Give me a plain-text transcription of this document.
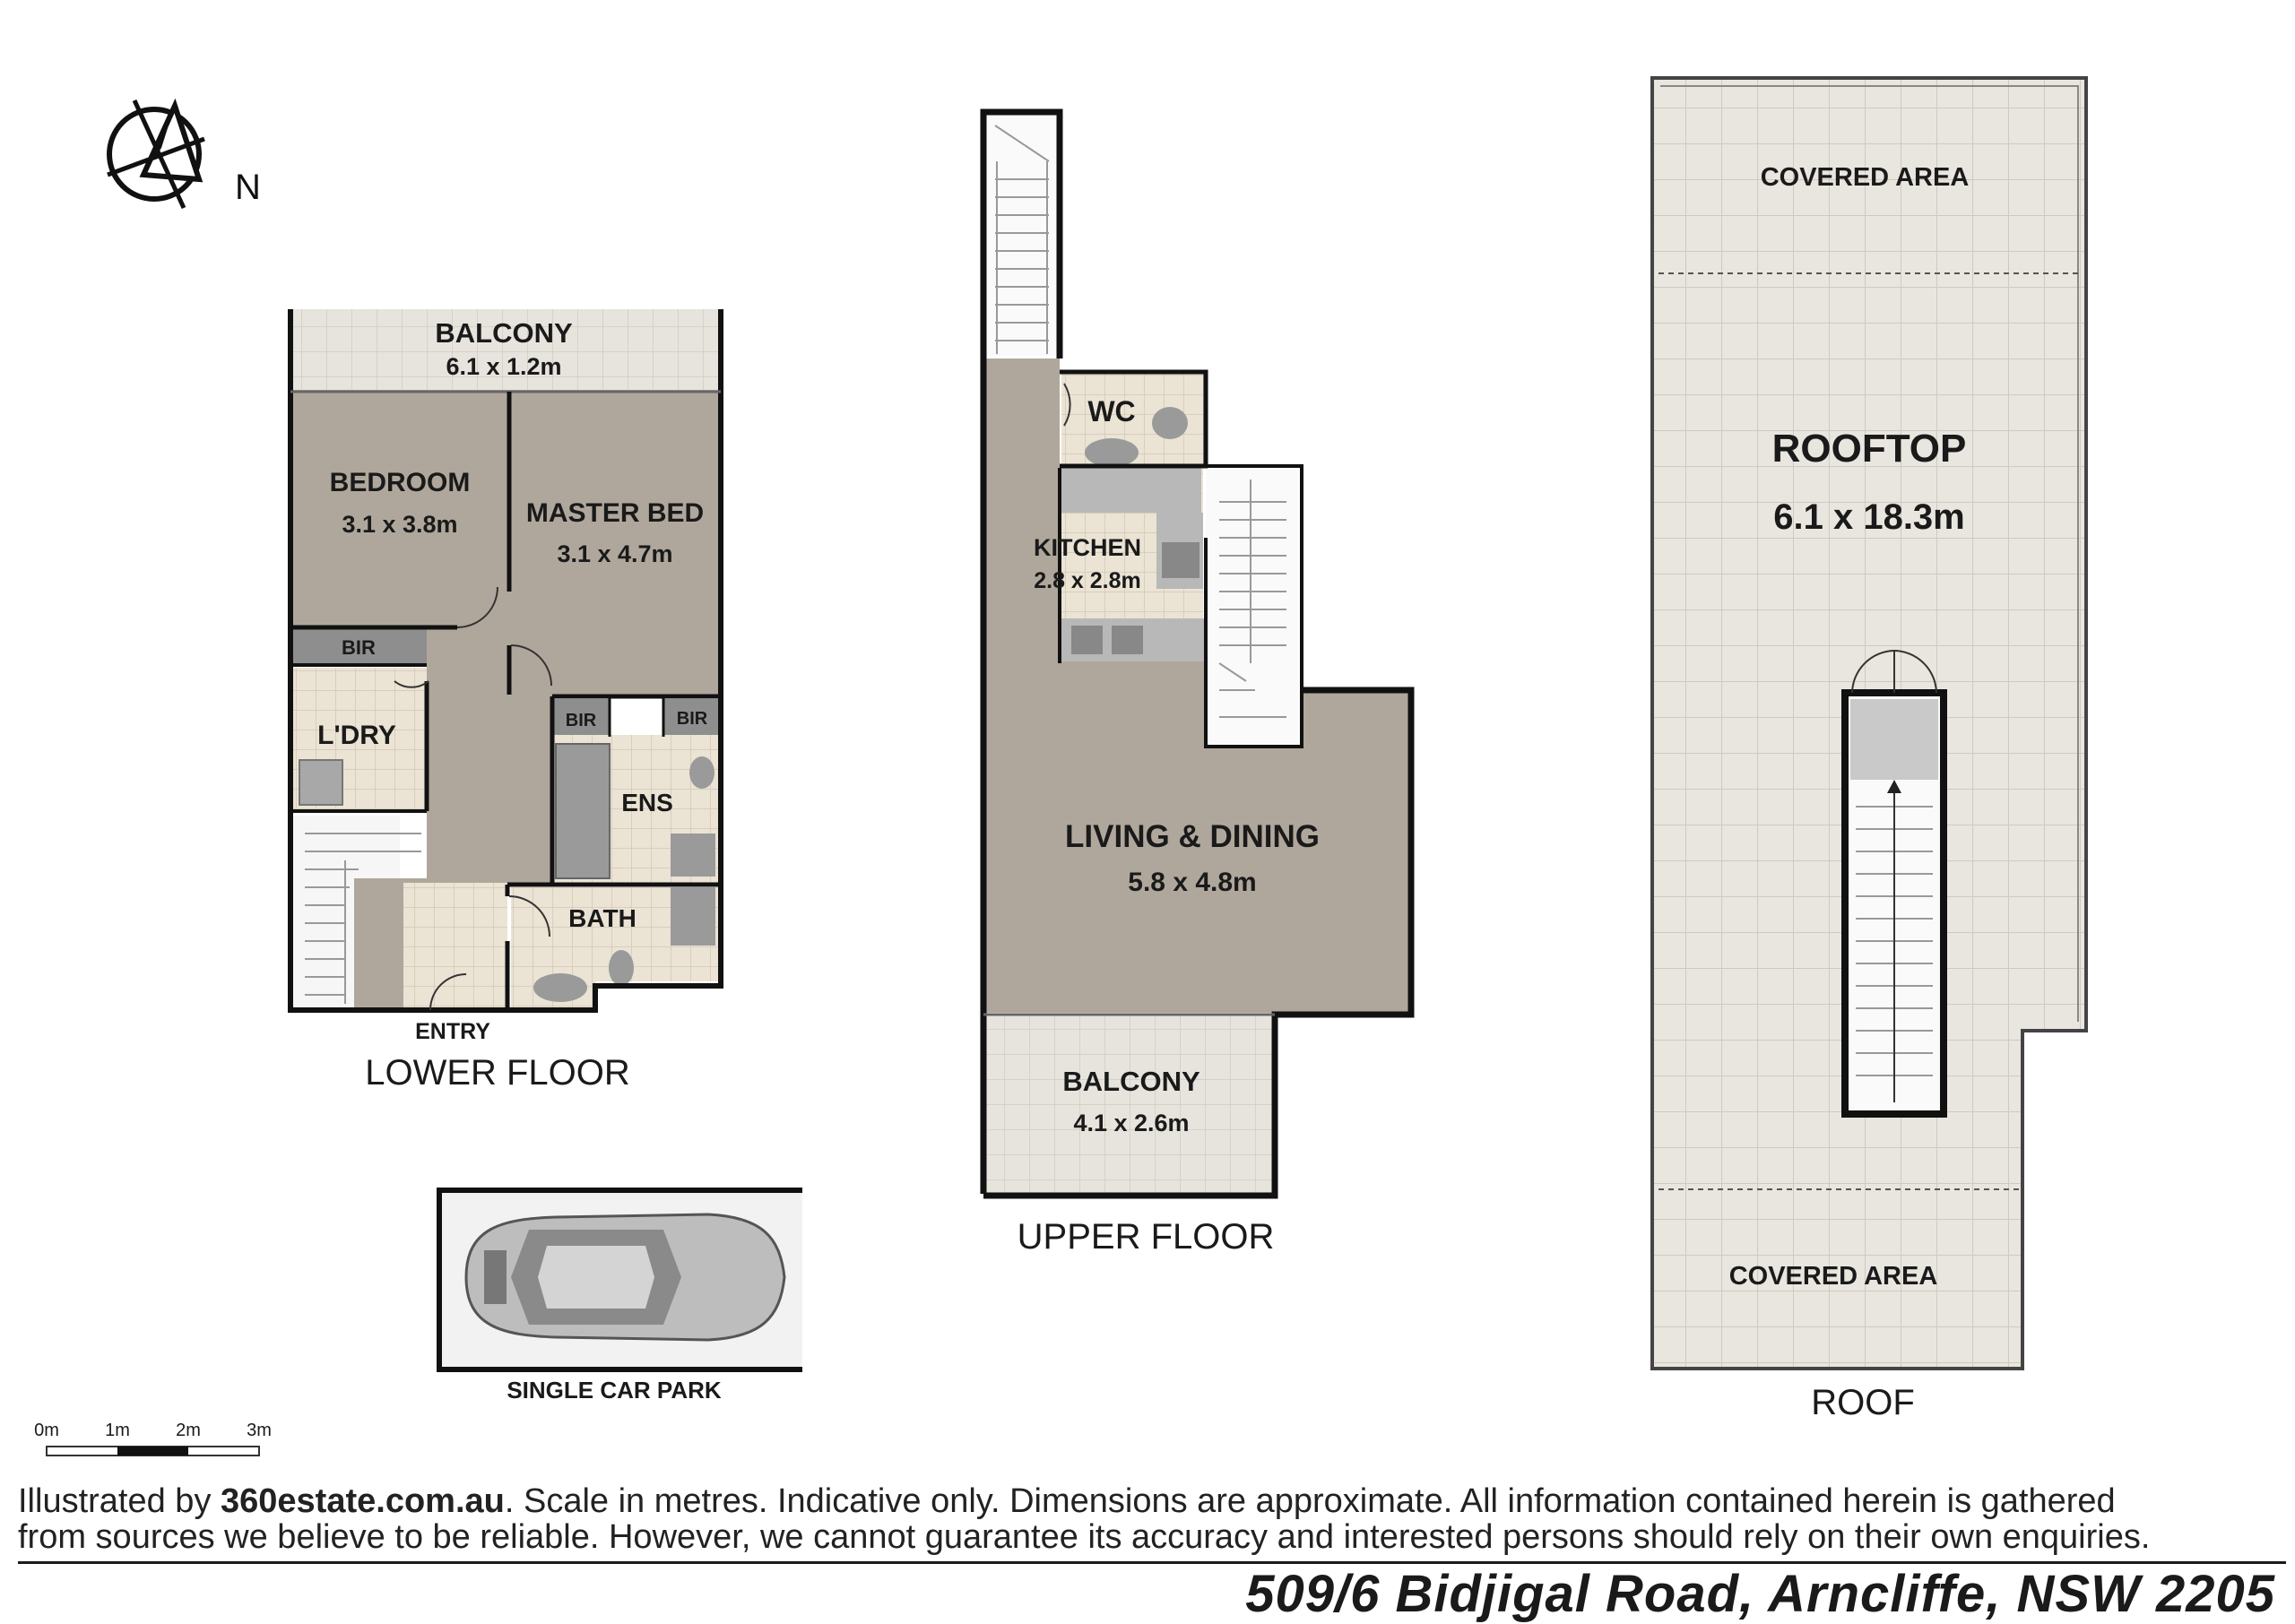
N
BALCONY
6.1 x 1.2m
BEDROOM
3.1 x 3.8m	MASTER BED
3.1 x 4.7m
BIR
L'DRY	BIR	BIR
ENS
BATH
ENTRY
LOWER FLOOR
SINGLE CAR PARK
WC
KITCHEN
2.8 x 2.8m
LIVING & DINING
5.8 x 4.8m
BALCONY
4.1 x 2.6m
UPPER FLOOR
COVERED AREA
ROOFTOP
6.1 x 18.3m
COVERED AREA
ROOF
0m	1m	2m	3m
Illustrated by 360estate.com.au. Scale in metres. Indicative only. Dimensions are approximate. All information contained herein is gathered
from sources we believe to be reliable. However, we cannot guarantee its accuracy and interested persons should rely on their own enquiries.
509/6 Bidjigal Road, Arncliffe, NSW 2205
